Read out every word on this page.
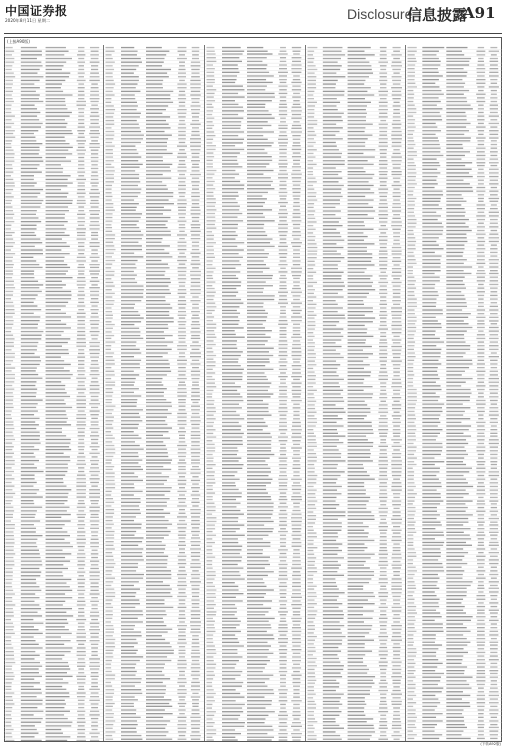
中国证券报
2020年8月11日 星期二	Disclosure
信息披露
A91
(上接A90版)
(下转A92版)
